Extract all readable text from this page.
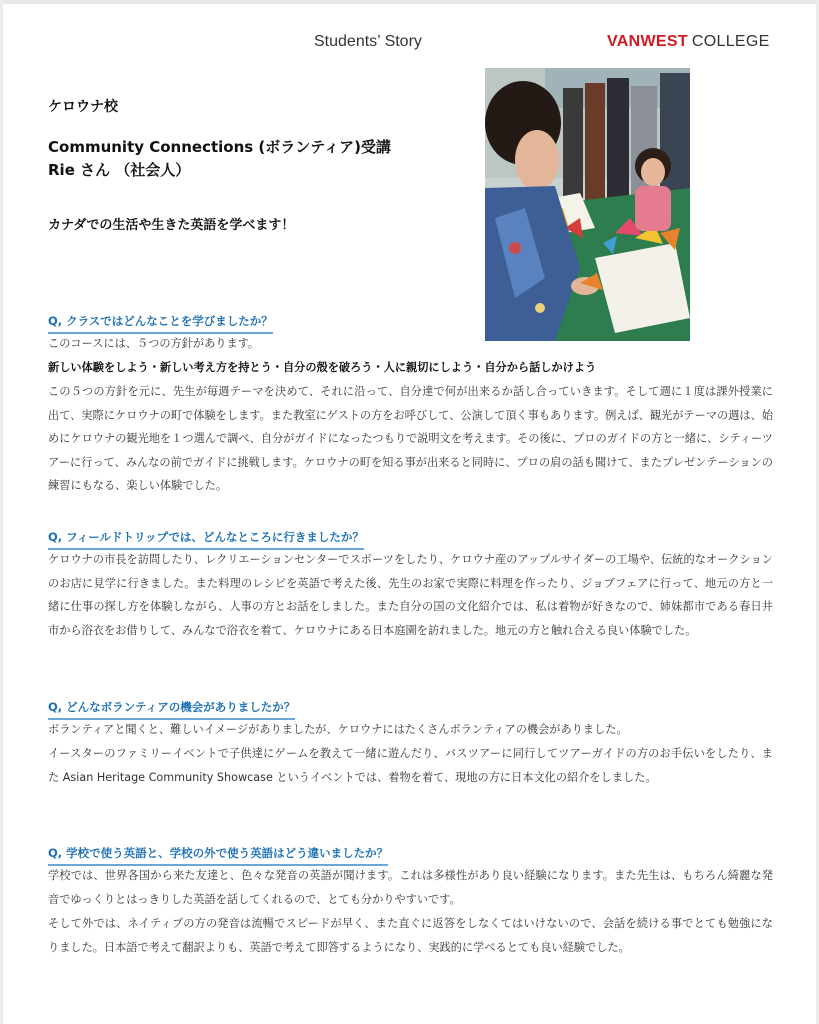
Students’ Story	VANWEST COLLEGE
ケロウナ校
Community Connections (ボランティア)受講
Rie さん （社会人）
カナダでの生活や生きた英語を学べます！
Q, クラスではどんなことを学びましたか？
このコースには、５つの方針があります。
新しい体験をしよう・新しい考え方を持とう・自分の殻を破ろう・人に親切にしよう・自分から話しかけよう
この５つの方針を元に、先生が毎週テーマを決めて、それに沿って、自分達で何が出来るか話し合っていきます。そして週に１度は課外授業に出て、実際にケロウナの町で体験をします。また教室にゲストの方をお呼びして、公演して頂く事もあります。例えば、観光がテーマの週は、始めにケロウナの観光地を１つ選んで調べ、自分がガイドになったつもりで説明文を考えます。その後に、プロのガイドの方と一緒に、シティーツアーに行って、みんなの前でガイドに挑戦します。ケロウナの町を知る事が出来ると同時に、プロの肩の話も聞けて、またプレゼンテーションの練習にもなる、楽しい体験でした。
Q, フィールドトリップでは、どんなところに行きましたか？
ケロウナの市長を訪問したり、レクリエーションセンターでスポーツをしたり、ケロウナ産のアップルサイダーの工場や、伝統的なオークションのお店に見学に行きました。また料理のレシピを英語で考えた後、先生のお家で実際に料理を作ったり、ジョブフェアに行って、地元の方と一緒に仕事の探し方を体験しながら、人事の方とお話をしました。また自分の国の文化紹介では、私は着物が好きなので、姉妹都市である春日井市から浴衣をお借りして、みんなで浴衣を着て、ケロウナにある日本庭園を訪れました。地元の方と触れ合える良い体験でした。
Q, どんなボランティアの機会がありましたか？
ボランティアと聞くと、難しいイメージがありましたが、ケロウナにはたくさんボランティアの機会がありました。
イースターのファミリーイベントで子供達にゲームを教えて一緒に遊んだり、バスツアーに同行してツアーガイドの方のお手伝いをしたり、また Asian Heritage Community Showcase というイベントでは、着物を着て、現地の方に日本文化の紹介をしました。
Q, 学校で使う英語と、学校の外で使う英語はどう違いましたか？
学校では、世界各国から来た友達と、色々な発音の英語が聞けます。これは多様性があり良い経験になります。また先生は、もちろん綺麗な発音でゆっくりとはっきりした英語を話してくれるので、とても分かりやすいです。
そして外では、ネイティブの方の発音は流暢でスピードが早く、また直ぐに返答をしなくてはいけないので、会話を続ける事でとても勉強になりました。日本語で考えて翻訳よりも、英語で考えて即答するようになり、実践的に学べるとても良い経験でした。
